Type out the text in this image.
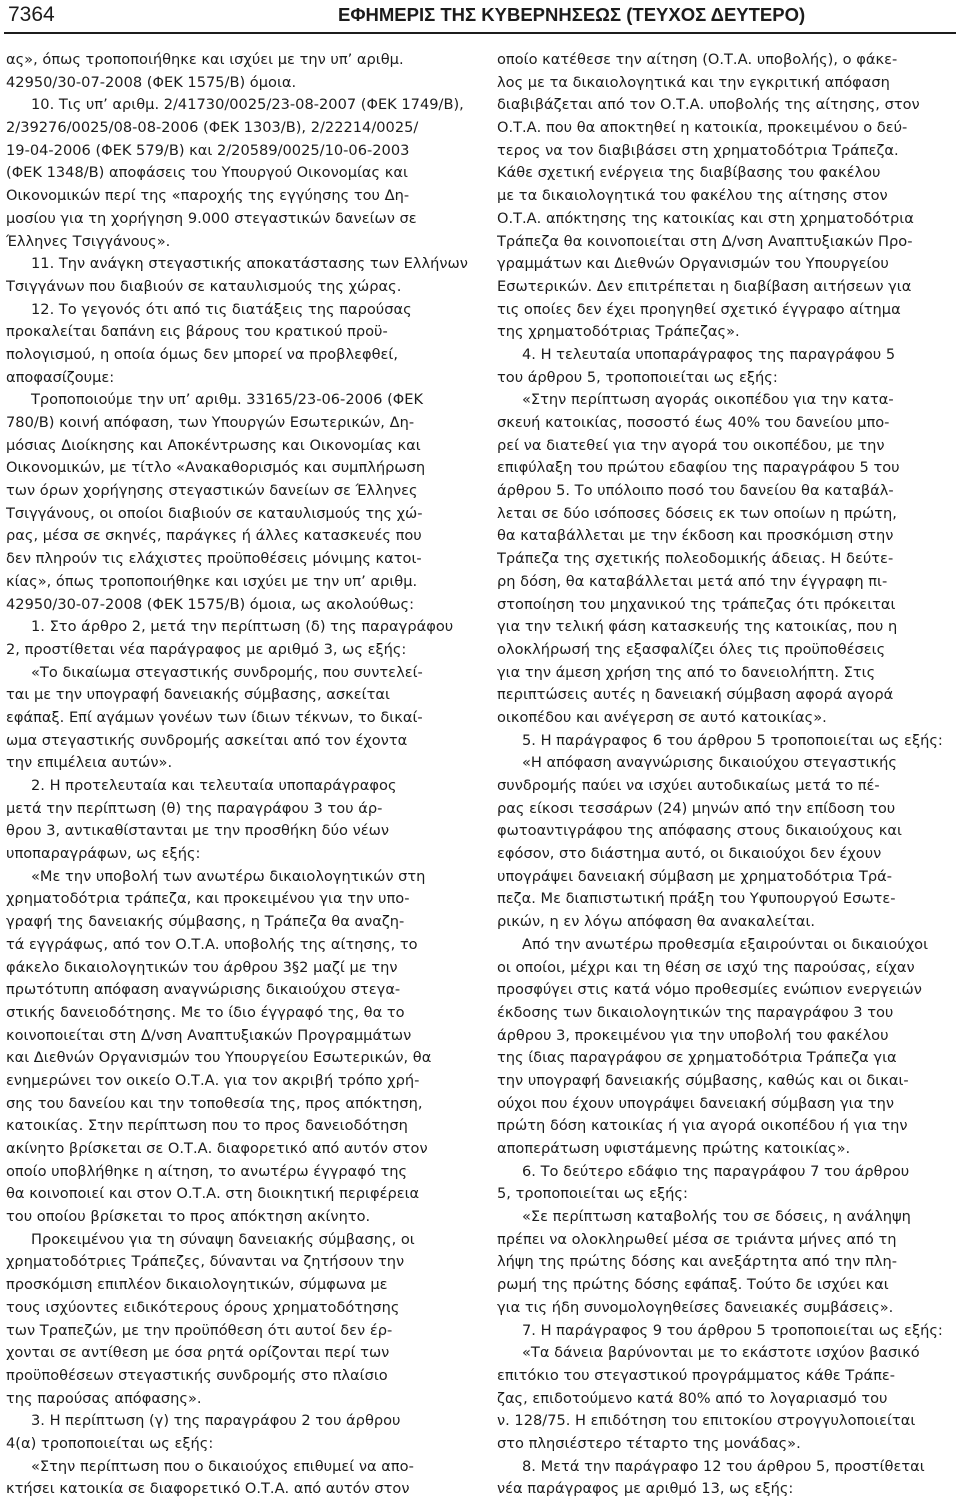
7364	ΕΦΗΜΕΡΙΣ ΤΗΣ ΚΥΒΕΡΝΗΣΕΩΣ (ΤΕΥΧΟΣ ΔΕΥΤΕΡΟ)
ας», όπως τροποποιήθηκε και ισχύει με την υπ’ αριθμ.
42950/30-07-2008 (ΦΕΚ 1575/Β) όμοια.
10. Τις υπ’ αριθμ. 2/41730/0025/23-08-2007 (ΦΕΚ 1749/Β),
2/39276/0025/08-08-2006 (ΦΕΚ 1303/Β), 2/22214/0025/
19-04-2006 (ΦΕΚ 579/Β) και 2/20589/0025/10-06-2003
(ΦΕΚ 1348/Β) αποφάσεις του Υπουργού Οικονομίας και
Οικονομικών περί της «παροχής της εγγύησης του Δη-
μοσίου για τη χορήγηση 9.000 στεγαστικών δανείων σε
Έλληνες Τσιγγάνους».
11. Την ανάγκη στεγαστικής αποκατάστασης των Ελλήνων
Τσιγγάνων που διαβιούν σε καταυλισμούς της χώρας.
12. Το γεγονός ότι από τις διατάξεις της παρούσας
προκαλείται δαπάνη εις βάρους του κρατικού προϋ-
πολογισμού, η οποία όμως δεν μπορεί να προβλεφθεί,
αποφασίζουμε:
Τροποποιούμε την υπ’ αριθμ. 33165/23-06-2006 (ΦΕΚ
780/Β) κοινή απόφαση, των Υπουργών Εσωτερικών, Δη-
μόσιας Διοίκησης και Αποκέντρωσης και Οικονομίας και
Οικονομικών, με τίτλο «Ανακαθορισμός και συμπλήρωση
των όρων χορήγησης στεγαστικών δανείων σε Έλληνες
Τσιγγάνους, οι οποίοι διαβιούν σε καταυλισμούς της χώ-
ρας, μέσα σε σκηνές, παράγκες ή άλλες κατασκευές που
δεν πληρούν τις ελάχιστες προϋποθέσεις μόνιμης κατοι-
κίας», όπως τροποποιήθηκε και ισχύει με την υπ’ αριθμ.
42950/30-07-2008 (ΦΕΚ 1575/Β) όμοια, ως ακολούθως:
1. Στο άρθρο 2, μετά την περίπτωση (δ) της παραγράφου
2, προστίθεται νέα παράγραφος με αριθμό 3, ως εξής:
«Το δικαίωμα στεγαστικής συνδρομής, που συντελεί-
ται με την υπογραφή δανειακής σύμβασης, ασκείται
εφάπαξ. Επί αγάμων γονέων των ίδιων τέκνων, το δικαί-
ωμα στεγαστικής συνδρομής ασκείται από τον έχοντα
την επιμέλεια αυτών».
2. Η προτελευταία και τελευταία υποπαράγραφος
μετά την περίπτωση (θ) της παραγράφου 3 του άρ-
θρου 3, αντικαθίστανται με την προσθήκη δύο νέων
υποπαραγράφων, ως εξής:
«Με την υποβολή των ανωτέρω δικαιολογητικών στη
χρηματοδότρια τράπεζα, και προκειμένου για την υπο-
γραφή της δανειακής σύμβασης, η Τράπεζα θα αναζη-
τά εγγράφως, από τον Ο.Τ.Α. υποβολής της αίτησης, το
φάκελο δικαιολογητικών του άρθρου 3§2 μαζί με την
πρωτότυπη απόφαση αναγνώρισης δικαιούχου στεγα-
στικής δανειοδότησης. Με το ίδιο έγγραφό της, θα το
κοινοποιείται στη Δ/νση Αναπτυξιακών Προγραμμάτων
και Διεθνών Οργανισμών του Υπουργείου Εσωτερικών, θα
ενημερώνει τον οικείο Ο.Τ.Α. για τον ακριβή τρόπο χρή-
σης του δανείου και την τοποθεσία της, προς απόκτηση,
κατοικίας. Στην περίπτωση που το προς δανειοδότηση
ακίνητο βρίσκεται σε Ο.Τ.Α. διαφορετικό από αυτόν στον
οποίο υποβλήθηκε η αίτηση, το ανωτέρω έγγραφό της
θα κοινοποιεί και στον Ο.Τ.Α. στη διοικητική περιφέρεια
του οποίου βρίσκεται το προς απόκτηση ακίνητο.
Προκειμένου για τη σύναψη δανειακής σύμβασης, οι
χρηματοδότριες Τράπεζες, δύνανται να ζητήσουν την
προσκόμιση επιπλέον δικαιολογητικών, σύμφωνα με
τους ισχύοντες ειδικότερους όρους χρηματοδότησης
των Τραπεζών, με την προϋπόθεση ότι αυτοί δεν έρ-
χονται σε αντίθεση με όσα ρητά ορίζονται περί των
προϋποθέσεων στεγαστικής συνδρομής στο πλαίσιο
της παρούσας απόφασης».
3. Η περίπτωση (γ) της παραγράφου 2 του άρθρου
4(α) τροποποιείται ως εξής:
«Στην περίπτωση που ο δικαιούχος επιθυμεί να απο-
κτήσει κατοικία σε διαφορετικό Ο.Τ.Α. από αυτόν στον
οποίο κατέθεσε την αίτηση (Ο.Τ.Α. υποβολής), ο φάκε-
λος με τα δικαιολογητικά και την εγκριτική απόφαση
διαβιβάζεται από τον Ο.Τ.Α. υποβολής της αίτησης, στον
Ο.Τ.Α. που θα αποκτηθεί η κατοικία, προκειμένου ο δεύ-
τερος να τον διαβιβάσει στη χρηματοδότρια Τράπεζα.
Κάθε σχετική ενέργεια της διαβίβασης του φακέλου
με τα δικαιολογητικά του φακέλου της αίτησης στον
Ο.Τ.Α. απόκτησης της κατοικίας και στη χρηματοδότρια
Τράπεζα θα κοινοποιείται στη Δ/νση Αναπτυξιακών Προ-
γραμμάτων και Διεθνών Οργανισμών του Υπουργείου
Εσωτερικών. Δεν επιτρέπεται η διαβίβαση αιτήσεων για
τις οποίες δεν έχει προηγηθεί σχετικό έγγραφο αίτημα
της χρηματοδότριας Τράπεζας».
4. Η τελευταία υποπαράγραφος της παραγράφου 5
του άρθρου 5, τροποποιείται ως εξής:
«Στην περίπτωση αγοράς οικοπέδου για την κατα-
σκευή κατοικίας, ποσοστό έως 40% του δανείου μπο-
ρεί να διατεθεί για την αγορά του οικοπέδου, με την
επιφύλαξη του πρώτου εδαφίου της παραγράφου 5 του
άρθρου 5. Το υπόλοιπο ποσό του δανείου θα καταβάλ-
λεται σε δύο ισόποσες δόσεις εκ των οποίων η πρώτη,
θα καταβάλλεται με την έκδοση και προσκόμιση στην
Τράπεζα της σχετικής πολεοδομικής άδειας. Η δεύτε-
ρη δόση, θα καταβάλλεται μετά από την έγγραφη πι-
στοποίηση του μηχανικού της τράπεζας ότι πρόκειται
για την τελική φάση κατασκευής της κατοικίας, που η
ολοκλήρωσή της εξασφαλίζει όλες τις προϋποθέσεις
για την άμεση χρήση της από το δανειολήπτη. Στις
περιπτώσεις αυτές η δανειακή σύμβαση αφορά αγορά
οικοπέδου και ανέγερση σε αυτό κατοικίας».
5. Η παράγραφος 6 του άρθρου 5 τροποποιείται ως εξής:
«Η απόφαση αναγνώρισης δικαιούχου στεγαστικής
συνδρομής παύει να ισχύει αυτοδικαίως μετά το πέ-
ρας είκοσι τεσσάρων (24) μηνών από την επίδοση του
φωτοαντιγράφου της απόφασης στους δικαιούχους και
εφόσον, στο διάστημα αυτό, οι δικαιούχοι δεν έχουν
υπογράψει δανειακή σύμβαση με χρηματοδότρια Τρά-
πεζα. Με διαπιστωτική πράξη του Υφυπουργού Εσωτε-
ρικών, η εν λόγω απόφαση θα ανακαλείται.
Από την ανωτέρω προθεσμία εξαιρούνται οι δικαιούχοι
οι οποίοι, μέχρι και τη θέση σε ισχύ της παρούσας, είχαν
προσφύγει στις κατά νόμο προθεσμίες ενώπιον ενεργειών
έκδοσης των δικαιολογητικών της παραγράφου 3 του
άρθρου 3, προκειμένου για την υποβολή του φακέλου
της ίδιας παραγράφου σε χρηματοδότρια Τράπεζα για
την υπογραφή δανειακής σύμβασης, καθώς και οι δικαι-
ούχοι που έχουν υπογράψει δανειακή σύμβαση για την
πρώτη δόση κατοικίας ή για αγορά οικοπέδου ή για την
αποπεράτωση υφιστάμενης πρώτης κατοικίας».
6. Το δεύτερο εδάφιο της παραγράφου 7 του άρθρου
5, τροποποιείται ως εξής:
«Σε περίπτωση καταβολής του σε δόσεις, η ανάληψη
πρέπει να ολοκληρωθεί μέσα σε τριάντα μήνες από τη
λήψη της πρώτης δόσης και ανεξάρτητα από την πλη-
ρωμή της πρώτης δόσης εφάπαξ. Τούτο δε ισχύει και
για τις ήδη συνομολογηθείσες δανειακές συμβάσεις».
7. Η παράγραφος 9 του άρθρου 5 τροποποιείται ως εξής:
«Τα δάνεια βαρύνονται με το εκάστοτε ισχύον βασικό
επιτόκιο του στεγαστικού προγράμματος κάθε Τράπε-
ζας, επιδοτούμενο κατά 80% από το λογαριασμό του
ν. 128/75. Η επιδότηση του επιτοκίου στρογγυλοποιείται
στο πλησιέστερο τέταρτο της μονάδας».
8. Μετά την παράγραφο 12 του άρθρου 5, προστίθεται
νέα παράγραφος με αριθμό 13, ως εξής:
